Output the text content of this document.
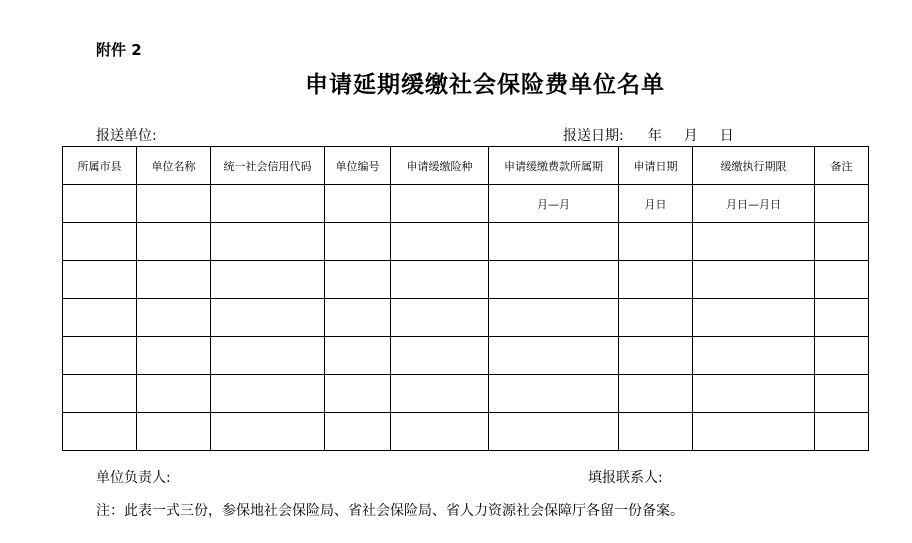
附件 2
申请延期缓缴社会保险费单位名单
报送单位:	报送日期: 年 月 日
所属市县	单位名称	统一社会信用代码	单位编号	申请缓缴险种	申请缓缴费款所属期	申请日期	缓缴执行期限	备注
					月—月	月日	月日—月日	

单位负责人:	填报联系人:
注：此表一式三份，参保地社会保险局、省社会保险局、省人力资源社会保障厅各留一份备案。
